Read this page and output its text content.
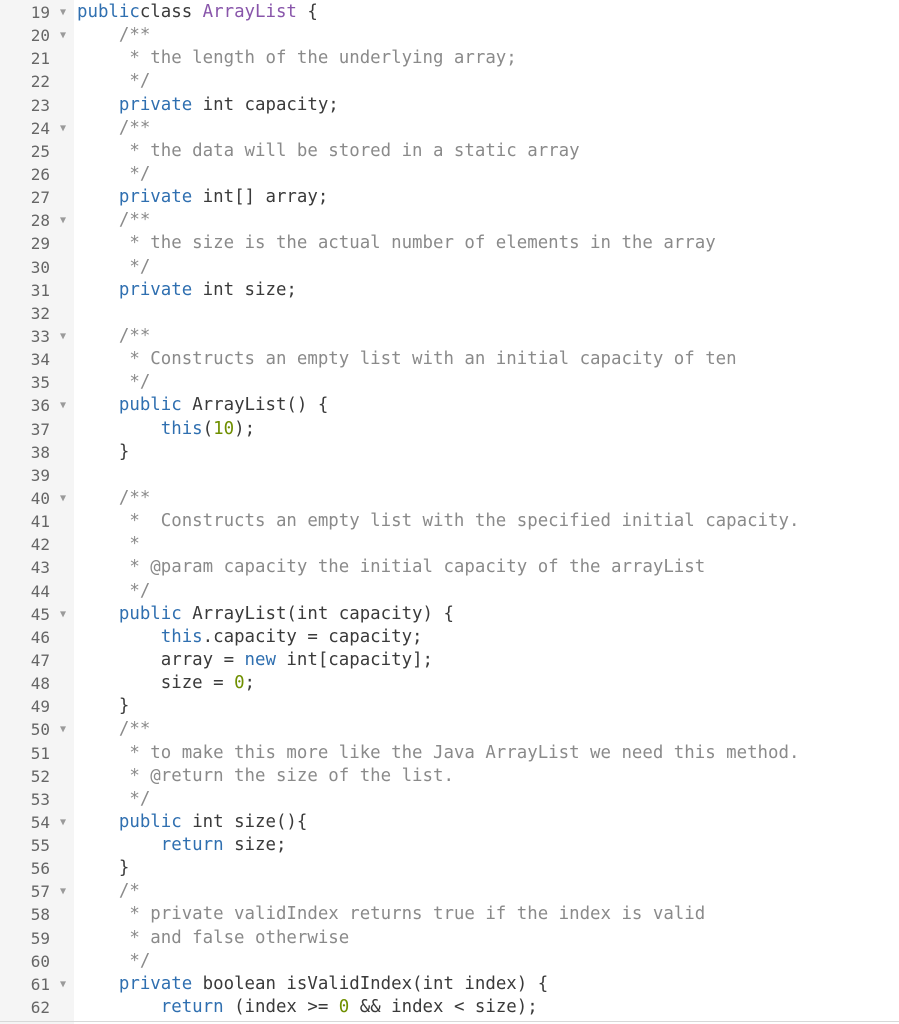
19 ▼ publicclass ArrayList {
20 ▼	/**
21	* the length of the underlying array;
22	*/
23	private int capacity;
24 ▼	/**
25	* the data will be stored in a static array
26	*/
27	private int[] array;
28 ▼	/**
29	* the size is the actual number of elements in the array
30	*/
31	private int size;
32
33 ▼	/**
34	* Constructs an empty list with an initial capacity of ten
35	*/
36 ▼	public ArrayList() {
37	this(10);
38 }
39
40 ▼	/**
41	*  Constructs an empty list with the specified initial capacity.
42	*
43	* @param capacity the initial capacity of the arrayList
44	*/
45 ▼	public ArrayList(int capacity) {
46	this.capacity = capacity;
47 array = new int[capacity];
48 size = 0;
49 }
50 ▼	/**
51	* to make this more like the Java ArrayList we need this method.
52	* @return the size of the list.
53	*/
54 ▼	public int size(){
55	return size;
56 }
57 ▼	/*
58	* private validIndex returns true if the index is valid
59	* and false otherwise
60	*/
61 ▼	private boolean isValidIndex(int index) {
62	return (index >= 0 && index < size);
